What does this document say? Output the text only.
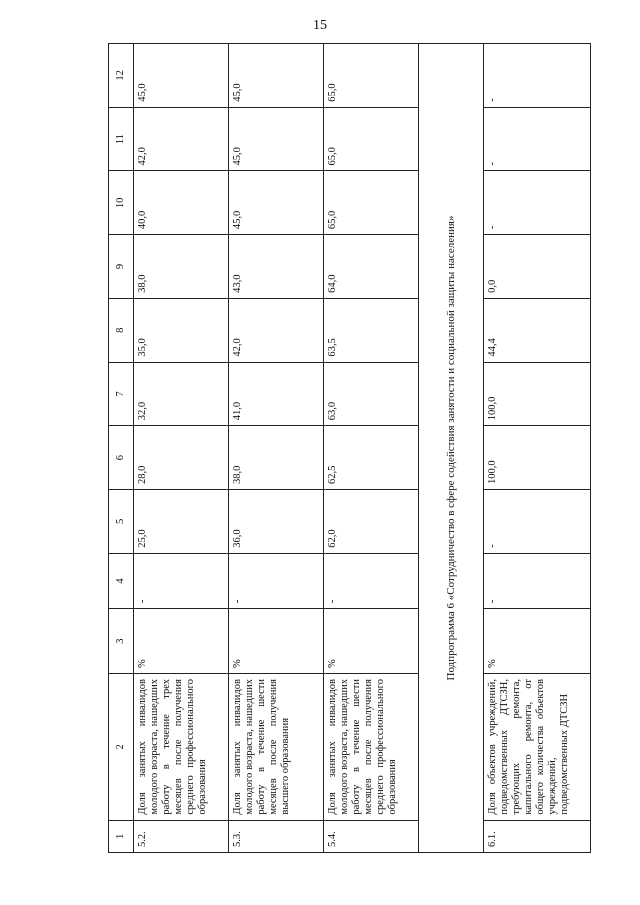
15
1	2	3	4	5	6	7	8	9	10	11	12
5.2.	Доля занятых инвалидов молодого возраста, нашедших работу в течение трех месяцев после получения среднего профессионального образования	%	-	25,0	28,0	32,0	35,0	38,0	40,0	42,0	45,0
5.3.	Доля занятых инвалидов молодого возраста, нашедших работу в течение шести месяцев после получения высшего образования	%	-	36,0	38,0	41,0	42,0	43,0	45,0	45,0	45,0
5.4.	Доля занятых инвалидов молодого возраста, нашедших работу в течение шести месяцев после получения среднего профессионального образования	%	-	62,0	62,5	63,0	63,5	64,0	65,0	65,0	65,0
Подпрограмма 6 «Сотрудничество в сфере содействия занятости и социальной защиты населения»											
6.1.	Доля объектов учреждений, подведомственных ДТСЗН, требующих ремонта, капитального ремонта, от общего количества объектов учреждений, подведомственных ДТСЗН	%	-	-	100,0	100,0	44,4	0,0	-	-	-
